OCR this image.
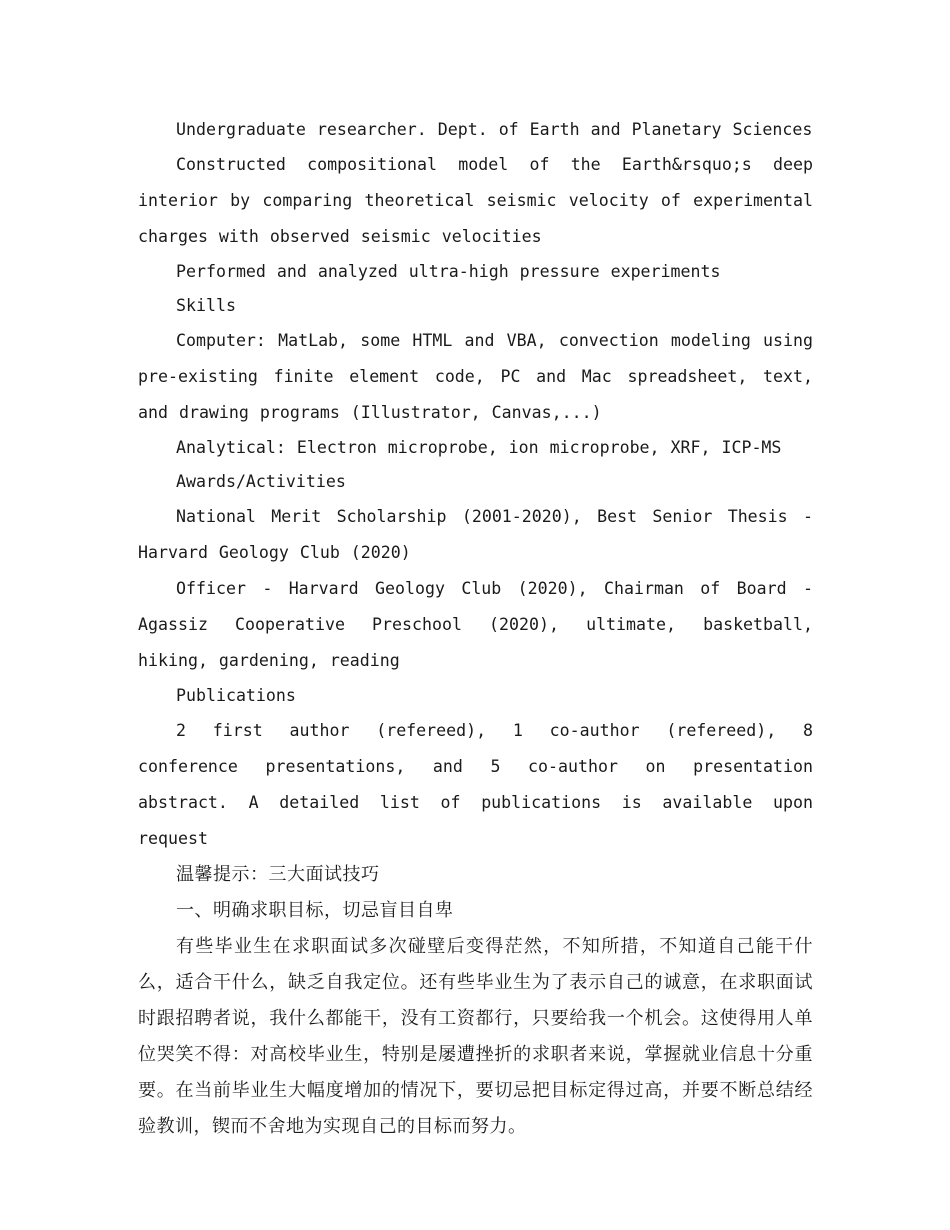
Undergraduate researcher. Dept. of Earth and Planetary Sciences

Constructed compositional model of the Earth&rsquo;s deep interior by comparing theoretical seismic velocity of experimental charges with observed seismic velocities

Performed and analyzed ultra-high pressure experiments

Skills

Computer: MatLab, some HTML and VBA, convection modeling using pre-existing finite element code, PC and Mac spreadsheet, text, and drawing programs (Illustrator, Canvas,...)

Analytical: Electron microprobe, ion microprobe, XRF, ICP-MS

Awards/Activities

National Merit Scholarship (2001-2020), Best Senior Thesis - Harvard Geology Club (2020)

Officer - Harvard Geology Club (2020), Chairman of Board - Agassiz Cooperative Preschool (2020), ultimate, basketball, hiking, gardening, reading

Publications

2 first author (refereed), 1 co-author (refereed), 8 conference presentations, and 5 co-author on presentation abstract. A detailed list of publications is available upon request

温馨提示：三大面试技巧

一、明确求职目标，切忌盲目自卑

有些毕业生在求职面试多次碰壁后变得茫然，不知所措，不知道自己能干什么，适合干什么，缺乏自我定位。还有些毕业生为了表示自己的诚意，在求职面试时跟招聘者说，我什么都能干，没有工资都行，只要给我一个机会。这使得用人单位哭笑不得：对高校毕业生，特别是屡遭挫折的求职者来说，掌握就业信息十分重要。在当前毕业生大幅度增加的情况下，要切忌把目标定得过高，并要不断总结经验教训，锲而不舍地为实现自己的目标而努力。
